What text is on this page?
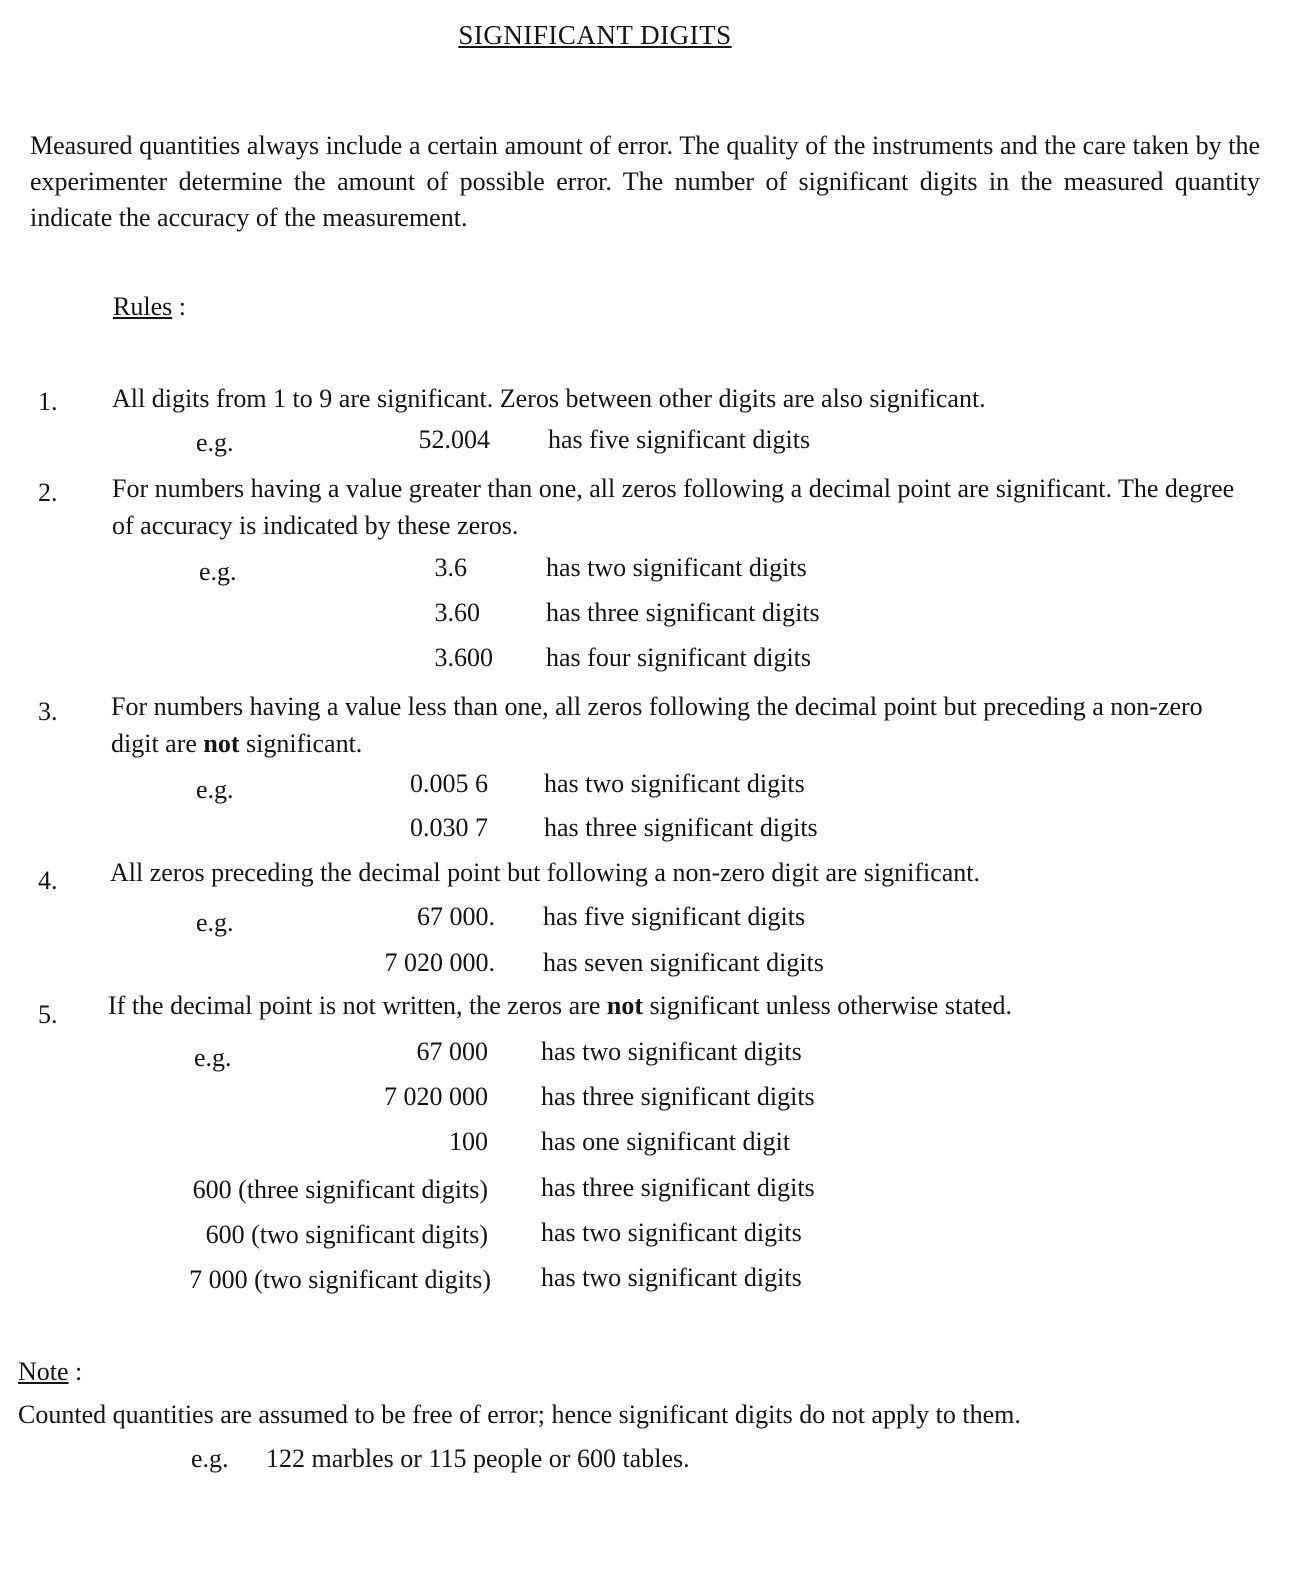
SIGNIFICANT DIGITS
Measured quantities always include a certain amount of error. The quality of the instruments and the care taken by the experimenter determine the amount of possible error. The number of significant digits in the measured quantity indicate the accuracy of the measurement.
Rules :
1. All digits from 1 to 9 are significant. Zeros between other digits are also significant.
e.g.	52.004 has five significant digits
2. For numbers having a value greater than one, all zeros following a decimal point are significant. The degree of accuracy is indicated by these zeros.
e.g.	3.6	has two significant digits
3.60	has three significant digits
3.600 has four significant digits
3. For numbers having a value less than one, all zeros following the decimal point but preceding a non-zero digit are not significant.
e.g.	0.005 6 has two significant digits
0.030 7 has three significant digits
4. All zeros preceding the decimal point but following a non-zero digit are significant.
e.g.	67 000. has five significant digits
7 020 000. has seven significant digits
5. If the decimal point is not written, the zeros are not significant unless otherwise stated.
e.g.	67 000 has two significant digits
7 020 000 has three significant digits
100 has one significant digit
600 (three significant digits) has three significant digits
600 (two significant digits) has two significant digits
7 000 (two significant digits) has two significant digits
Note :
Counted quantities are assumed to be free of error; hence significant digits do not apply to them.
e.g. 122 marbles or 115 people or 600 tables.
